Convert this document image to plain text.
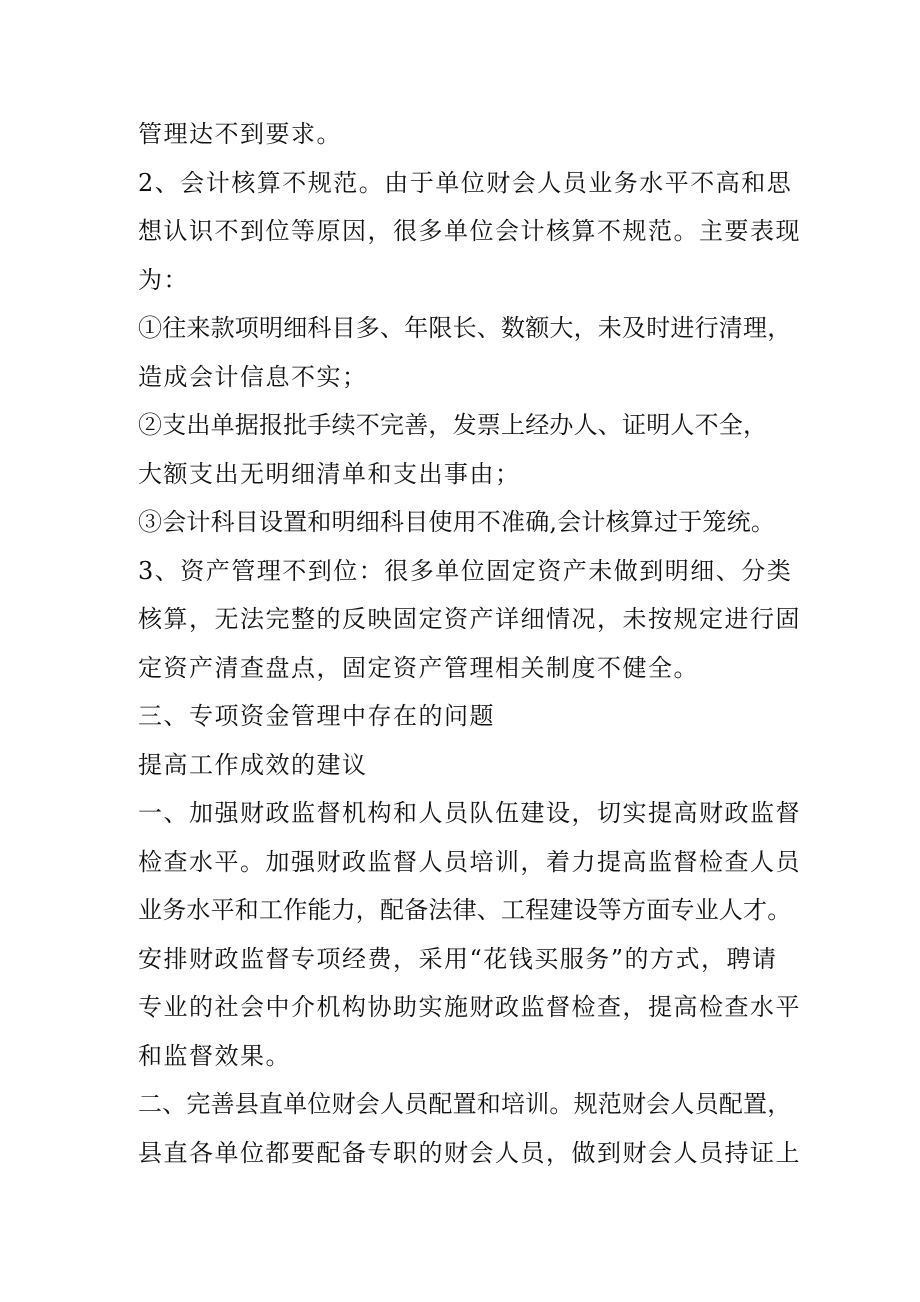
管理达不到要求。
2、会计核算不规范。由于单位财会人员业务水平不高和思
想认识不到位等原因，很多单位会计核算不规范。主要表现
为：
①往来款项明细科目多、年限长、数额大，未及时进行清理，
造成会计信息不实；
②支出单据报批手续不完善，发票上经办人、证明人不全，
大额支出无明细清单和支出事由；
③会计科目设置和明细科目使用不准确,会计核算过于笼统。
3、资产管理不到位：很多单位固定资产未做到明细、分类
核算，无法完整的反映固定资产详细情况，未按规定进行固
定资产清查盘点，固定资产管理相关制度不健全。
三、专项资金管理中存在的问题
提高工作成效的建议
一、加强财政监督机构和人员队伍建设，切实提高财政监督
检查水平。加强财政监督人员培训，着力提高监督检查人员
业务水平和工作能力，配备法律、工程建设等方面专业人才。
安排财政监督专项经费，采用“花钱买服务”的方式，聘请
专业的社会中介机构协助实施财政监督检查，提高检查水平
和监督效果。
二、完善县直单位财会人员配置和培训。规范财会人员配置，
县直各单位都要配备专职的财会人员，做到财会人员持证上
